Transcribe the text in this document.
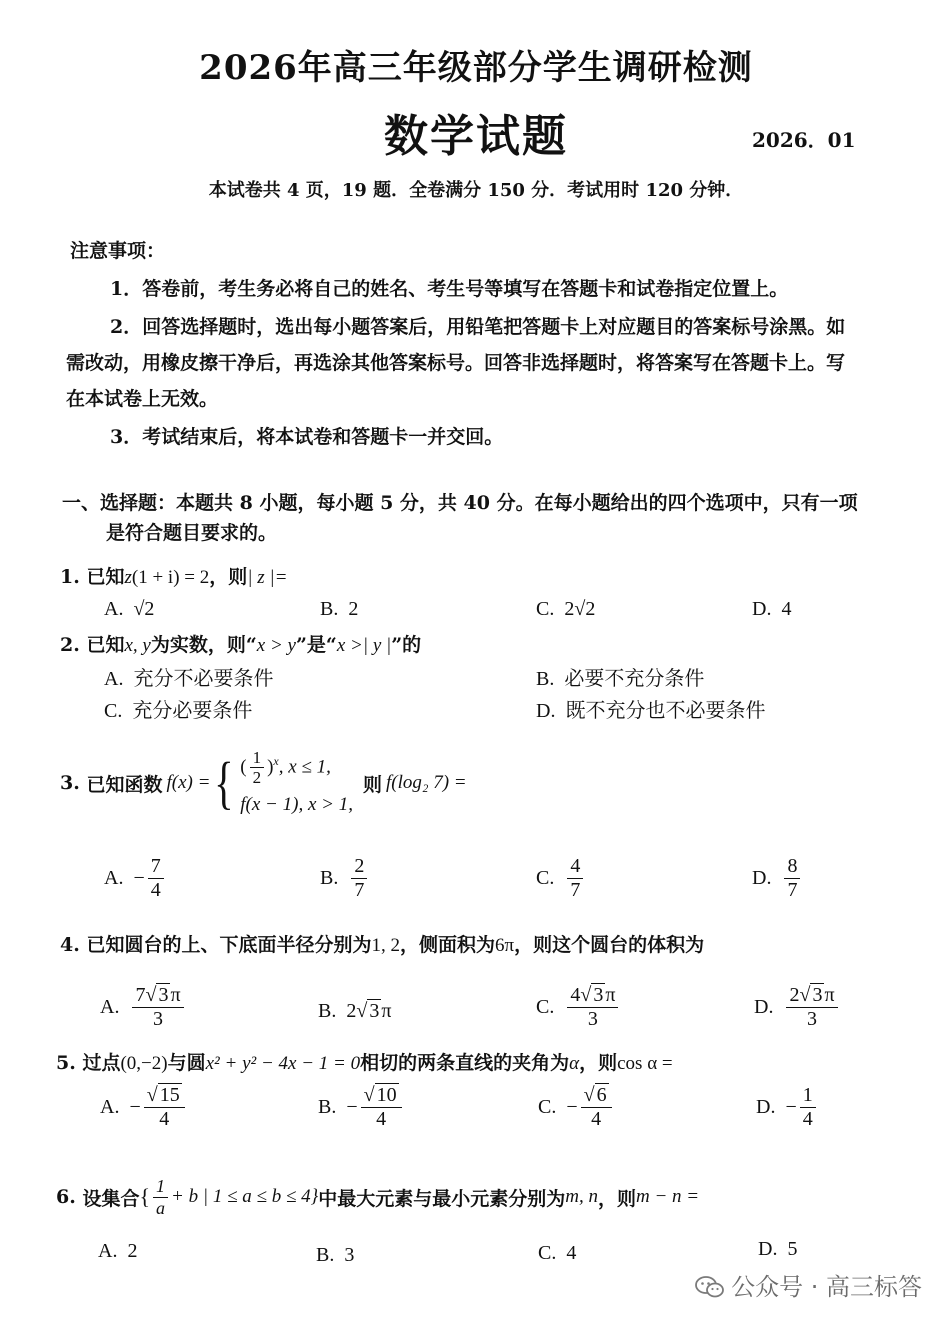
2026年高三年级部分学生调研检测
数学试题	2026．01
本试卷共 4 页，19 题．全卷满分 150 分．考试用时 120 分钟．
注意事项：
1．答卷前，考生务必将自己的姓名、考生号等填写在答题卡和试卷指定位置上。
2．回答选择题时，选出每小题答案后，用铅笔把答题卡上对应题目的答案标号涂黑。如
需改动，用橡皮擦干净后，再选涂其他答案标号。回答非选择题时，将答案写在答题卡上。写
在本试卷上无效。
3．考试结束后，将本试卷和答题卡一并交回。
一、选择题：本题共 8 小题，每小题 5 分，共 40 分。在每小题给出的四个选项中，只有一项
是符合题目要求的。
1. 已知z(1 + i) = 2，则| z |=
A. √2	B. 2	C. 2√2	D. 4
2. 已知x, y为实数，则“x > y”是“x >| y |”的
A. 充分不必要条件	B. 必要不充分条件
C. 充分必要条件	D. 既不充分也不必要条件
3.
已知函数 f(x) = { ( $\frac{1}{2} )^x$, x ≤ 1,
f(x − 1), x > 1,
则 f(log₂ 7) =
A. − $\frac{7}{4}$	B. $\frac{2}{7}$	C. $\frac{4}{7}$	D. $\frac{8}{7}$
4. 已知圆台的上、下底面半径分别为1, 2，侧面积为6π，则这个圆台的体积为
A. $\frac{7√ 3 \pi}{3}$	B. 2√ 3 π	C. $\frac{4√ 3 \pi}{3}$	D. $\frac{2√ 3 \pi}{3}$
5. 过点(0,−2)与圆x² + y² − 4x − 1 = 0相切的两条直线的夹角为α，则cos α =
A. − $\frac{√ 15}{4}$	B. − $\frac{√ 10}{4}$	C. − $\frac{√ 6}{4}$	D. − $\frac{1}{4}$
6.
设集合 { $\frac{1}{a} + b$ | 1 ≤ a ≤ b ≤ 4} 中最大元素与最小元素分别为 m, n ，则 m − n =
A. 2	B. 3	C. 4	D. 5
公众号 · 高三标答
